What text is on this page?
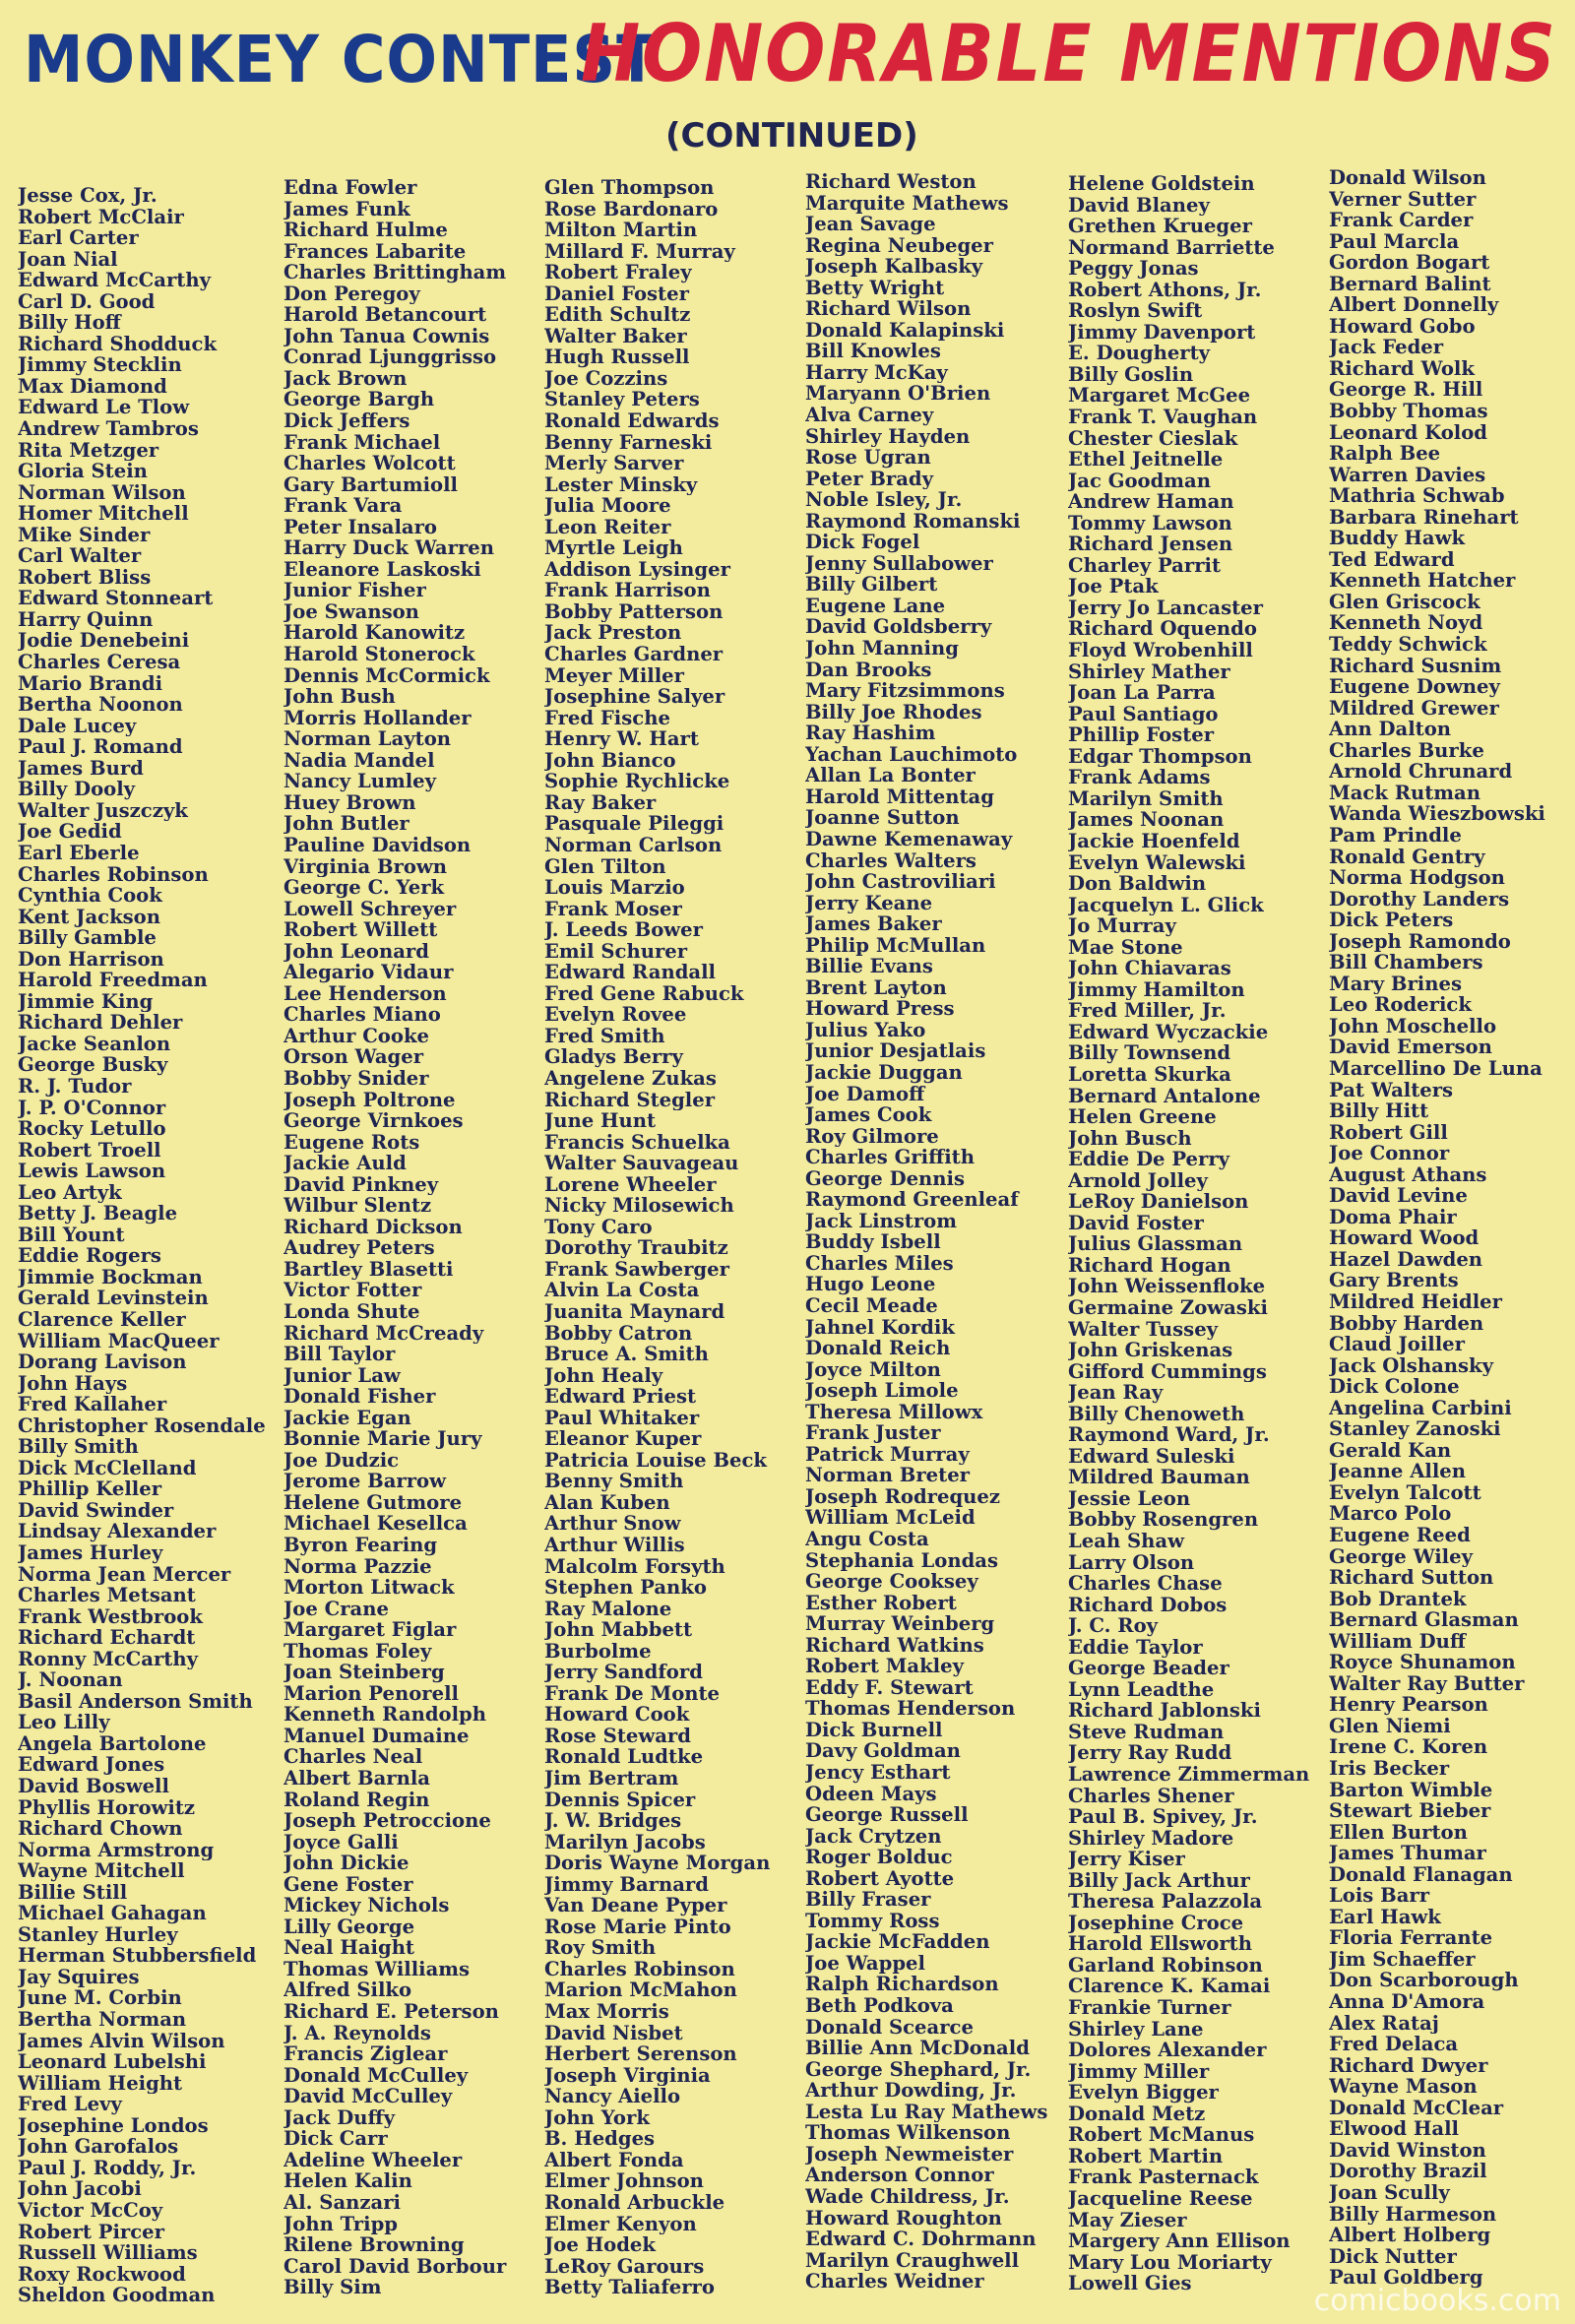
MONKEY CONTEST
HONORABLE MENTIONS
(CONTINUED)
Jesse Cox, Jr.
Robert McClair
Earl Carter
Joan Nial
Edward McCarthy
Carl D. Good
Billy Hoff
Richard Shodduck
Jimmy Stecklin
Max Diamond
Edward Le Tlow
Andrew Tambros
Rita Metzger
Gloria Stein
Norman Wilson
Homer Mitchell
Mike Sinder
Carl Walter
Robert Bliss
Edward Stonneart
Harry Quinn
Jodie Denebeini
Charles Ceresa
Mario Brandi
Bertha Noonon
Dale Lucey
Paul J. Romand
James Burd
Billy Dooly
Walter Juszczyk
Joe Gedid
Earl Eberle
Charles Robinson
Cynthia Cook
Kent Jackson
Billy Gamble
Don Harrison
Harold Freedman
Jimmie King
Richard Dehler
Jacke Seanlon
George Busky
R. J. Tudor
J. P. O'Connor
Rocky Letullo
Robert Troell
Lewis Lawson
Leo Artyk
Betty J. Beagle
Bill Yount
Eddie Rogers
Jimmie Bockman
Gerald Levinstein
Clarence Keller
William MacQueer
Dorang Lavison
John Hays
Fred Kallaher
Christopher Rosendale
Billy Smith
Dick McClelland
Phillip Keller
David Swinder
Lindsay Alexander
James Hurley
Norma Jean Mercer
Charles Metsant
Frank Westbrook
Richard Echardt
Ronny McCarthy
J. Noonan
Basil Anderson Smith
Leo Lilly
Angela Bartolone
Edward Jones
David Boswell
Phyllis Horowitz
Richard Chown
Norma Armstrong
Wayne Mitchell
Billie Still
Michael Gahagan
Stanley Hurley
Herman Stubbersfield
Jay Squires
June M. Corbin
Bertha Norman
James Alvin Wilson
Leonard Lubelshi
William Height
Fred Levy
Josephine Londos
John Garofalos
Paul J. Roddy, Jr.
John Jacobi
Victor McCoy
Robert Pircer
Russell Williams
Roxy Rockwood
Sheldon Goodman
Edna Fowler
James Funk
Richard Hulme
Frances Labarite
Charles Brittingham
Don Peregoy
Harold Betancourt
John Tanua Cownis
Conrad Ljunggrisso
Jack Brown
George Bargh
Dick Jeffers
Frank Michael
Charles Wolcott
Gary Bartumioll
Frank Vara
Peter Insalaro
Harry Duck Warren
Eleanore Laskoski
Junior Fisher
Joe Swanson
Harold Kanowitz
Harold Stonerock
Dennis McCormick
John Bush
Morris Hollander
Norman Layton
Nadia Mandel
Nancy Lumley
Huey Brown
John Butler
Pauline Davidson
Virginia Brown
George C. Yerk
Lowell Schreyer
Robert Willett
John Leonard
Alegario Vidaur
Lee Henderson
Charles Miano
Arthur Cooke
Orson Wager
Bobby Snider
Joseph Poltrone
George Virnkoes
Eugene Rots
Jackie Auld
David Pinkney
Wilbur Slentz
Richard Dickson
Audrey Peters
Bartley Blasetti
Victor Fotter
Londa Shute
Richard McCready
Bill Taylor
Junior Law
Donald Fisher
Jackie Egan
Bonnie Marie Jury
Joe Dudzic
Jerome Barrow
Helene Gutmore
Michael Kesellca
Byron Fearing
Norma Pazzie
Morton Litwack
Joe Crane
Margaret Figlar
Thomas Foley
Joan Steinberg
Marion Penorell
Kenneth Randolph
Manuel Dumaine
Charles Neal
Albert Barnla
Roland Regin
Joseph Petroccione
Joyce Galli
John Dickie
Gene Foster
Mickey Nichols
Lilly George
Neal Haight
Thomas Williams
Alfred Silko
Richard E. Peterson
J. A. Reynolds
Francis Ziglear
Donald McCulley
David McCulley
Jack Duffy
Dick Carr
Adeline Wheeler
Helen Kalin
Al. Sanzari
John Tripp
Rilene Browning
Carol David Borbour
Billy Sim
Glen Thompson
Rose Bardonaro
Milton Martin
Millard F. Murray
Robert Fraley
Daniel Foster
Edith Schultz
Walter Baker
Hugh Russell
Joe Cozzins
Stanley Peters
Ronald Edwards
Benny Farneski
Merly Sarver
Lester Minsky
Julia Moore
Leon Reiter
Myrtle Leigh
Addison Lysinger
Frank Harrison
Bobby Patterson
Jack Preston
Charles Gardner
Meyer Miller
Josephine Salyer
Fred Fische
Henry W. Hart
John Bianco
Sophie Rychlicke
Ray Baker
Pasquale Pileggi
Norman Carlson
Glen Tilton
Louis Marzio
Frank Moser
J. Leeds Bower
Emil Schurer
Edward Randall
Fred Gene Rabuck
Evelyn Rovee
Fred Smith
Gladys Berry
Angelene Zukas
Richard Stegler
June Hunt
Francis Schuelka
Walter Sauvageau
Lorene Wheeler
Nicky Milosewich
Tony Caro
Dorothy Traubitz
Frank Sawberger
Alvin La Costa
Juanita Maynard
Bobby Catron
Bruce A. Smith
John Healy
Edward Priest
Paul Whitaker
Eleanor Kuper
Patricia Louise Beck
Benny Smith
Alan Kuben
Arthur Snow
Arthur Willis
Malcolm Forsyth
Stephen Panko
Ray Malone
John Mabbett
Burbolme
Jerry Sandford
Frank De Monte
Howard Cook
Rose Steward
Ronald Ludtke
Jim Bertram
Dennis Spicer
J. W. Bridges
Marilyn Jacobs
Doris Wayne Morgan
Jimmy Barnard
Van Deane Pyper
Rose Marie Pinto
Roy Smith
Charles Robinson
Marion McMahon
Max Morris
David Nisbet
Herbert Serenson
Joseph Virginia
Nancy Aiello
John York
B. Hedges
Albert Fonda
Elmer Johnson
Ronald Arbuckle
Elmer Kenyon
Joe Hodek
LeRoy Garours
Betty Taliaferro
Richard Weston
Marquite Mathews
Jean Savage
Regina Neubeger
Joseph Kalbasky
Betty Wright
Richard Wilson
Donald Kalapinski
Bill Knowles
Harry McKay
Maryann O'Brien
Alva Carney
Shirley Hayden
Rose Ugran
Peter Brady
Noble Isley, Jr.
Raymond Romanski
Dick Fogel
Jenny Sullabower
Billy Gilbert
Eugene Lane
David Goldsberry
John Manning
Dan Brooks
Mary Fitzsimmons
Billy Joe Rhodes
Ray Hashim
Yachan Lauchimoto
Allan La Bonter
Harold Mittentag
Joanne Sutton
Dawne Kemenaway
Charles Walters
John Castroviliari
Jerry Keane
James Baker
Philip McMullan
Billie Evans
Brent Layton
Howard Press
Julius Yako
Junior Desjatlais
Jackie Duggan
Joe Damoff
James Cook
Roy Gilmore
Charles Griffith
George Dennis
Raymond Greenleaf
Jack Linstrom
Buddy Isbell
Charles Miles
Hugo Leone
Cecil Meade
Jahnel Kordik
Donald Reich
Joyce Milton
Joseph Limole
Theresa Millowx
Frank Juster
Patrick Murray
Norman Breter
Joseph Rodrequez
William McLeid
Angu Costa
Stephania Londas
George Cooksey
Esther Robert
Murray Weinberg
Richard Watkins
Robert Makley
Eddy F. Stewart
Thomas Henderson
Dick Burnell
Davy Goldman
Jency Esthart
Odeen Mays
George Russell
Jack Crytzen
Roger Bolduc
Robert Ayotte
Billy Fraser
Tommy Ross
Jackie McFadden
Joe Wappel
Ralph Richardson
Beth Podkova
Donald Scearce
Billie Ann McDonald
George Shephard, Jr.
Arthur Dowding, Jr.
Lesta Lu Ray Mathews
Thomas Wilkenson
Joseph Newmeister
Anderson Connor
Wade Childress, Jr.
Howard Roughton
Edward C. Dohrmann
Marilyn Craughwell
Charles Weidner
Helene Goldstein
David Blaney
Grethen Krueger
Normand Barriette
Peggy Jonas
Robert Athons, Jr.
Roslyn Swift
Jimmy Davenport
E. Dougherty
Billy Goslin
Margaret McGee
Frank T. Vaughan
Chester Cieslak
Ethel Jeitnelle
Jac Goodman
Andrew Haman
Tommy Lawson
Richard Jensen
Charley Parrit
Joe Ptak
Jerry Jo Lancaster
Richard Oquendo
Floyd Wrobenhill
Shirley Mather
Joan La Parra
Paul Santiago
Phillip Foster
Edgar Thompson
Frank Adams
Marilyn Smith
James Noonan
Jackie Hoenfeld
Evelyn Walewski
Don Baldwin
Jacquelyn L. Glick
Jo Murray
Mae Stone
John Chiavaras
Jimmy Hamilton
Fred Miller, Jr.
Edward Wyczackie
Billy Townsend
Loretta Skurka
Bernard Antalone
Helen Greene
John Busch
Eddie De Perry
Arnold Jolley
LeRoy Danielson
David Foster
Julius Glassman
Richard Hogan
John Weissenfloke
Germaine Zowaski
Walter Tussey
John Griskenas
Gifford Cummings
Jean Ray
Billy Chenoweth
Raymond Ward, Jr.
Edward Suleski
Mildred Bauman
Jessie Leon
Bobby Rosengren
Leah Shaw
Larry Olson
Charles Chase
Richard Dobos
J. C. Roy
Eddie Taylor
George Beader
Lynn Leadthe
Richard Jablonski
Steve Rudman
Jerry Ray Rudd
Lawrence Zimmerman
Charles Shener
Paul B. Spivey, Jr.
Shirley Madore
Jerry Kiser
Billy Jack Arthur
Theresa Palazzola
Josephine Croce
Harold Ellsworth
Garland Robinson
Clarence K. Kamai
Frankie Turner
Shirley Lane
Dolores Alexander
Jimmy Miller
Evelyn Bigger
Donald Metz
Robert McManus
Robert Martin
Frank Pasternack
Jacqueline Reese
May Zieser
Margery Ann Ellison
Mary Lou Moriarty
Lowell Gies
Donald Wilson
Verner Sutter
Frank Carder
Paul Marcla
Gordon Bogart
Bernard Balint
Albert Donnelly
Howard Gobo
Jack Feder
Richard Wolk
George R. Hill
Bobby Thomas
Leonard Kolod
Ralph Bee
Warren Davies
Mathria Schwab
Barbara Rinehart
Buddy Hawk
Ted Edward
Kenneth Hatcher
Glen Griscock
Kenneth Noyd
Teddy Schwick
Richard Susnim
Eugene Downey
Mildred Grewer
Ann Dalton
Charles Burke
Arnold Chrunard
Mack Rutman
Wanda Wieszbowski
Pam Prindle
Ronald Gentry
Norma Hodgson
Dorothy Landers
Dick Peters
Joseph Ramondo
Bill Chambers
Mary Brines
Leo Roderick
John Moschello
David Emerson
Marcellino De Luna
Pat Walters
Billy Hitt
Robert Gill
Joe Connor
August Athans
David Levine
Doma Phair
Howard Wood
Hazel Dawden
Gary Brents
Mildred Heidler
Bobby Harden
Claud Joiller
Jack Olshansky
Dick Colone
Angelina Carbini
Stanley Zanoski
Gerald Kan
Jeanne Allen
Evelyn Talcott
Marco Polo
Eugene Reed
George Wiley
Richard Sutton
Bob Drantek
Bernard Glasman
William Duff
Royce Shunamon
Walter Ray Butter
Henry Pearson
Glen Niemi
Irene C. Koren
Iris Becker
Barton Wimble
Stewart Bieber
Ellen Burton
James Thumar
Donald Flanagan
Lois Barr
Earl Hawk
Floria Ferrante
Jim Schaeffer
Don Scarborough
Anna D'Amora
Alex Rataj
Fred Delaca
Richard Dwyer
Wayne Mason
Donald McClear
Elwood Hall
David Winston
Dorothy Brazil
Joan Scully
Billy Harmeson
Albert Holberg
Dick Nutter
Paul Goldberg
comicbooks.com
